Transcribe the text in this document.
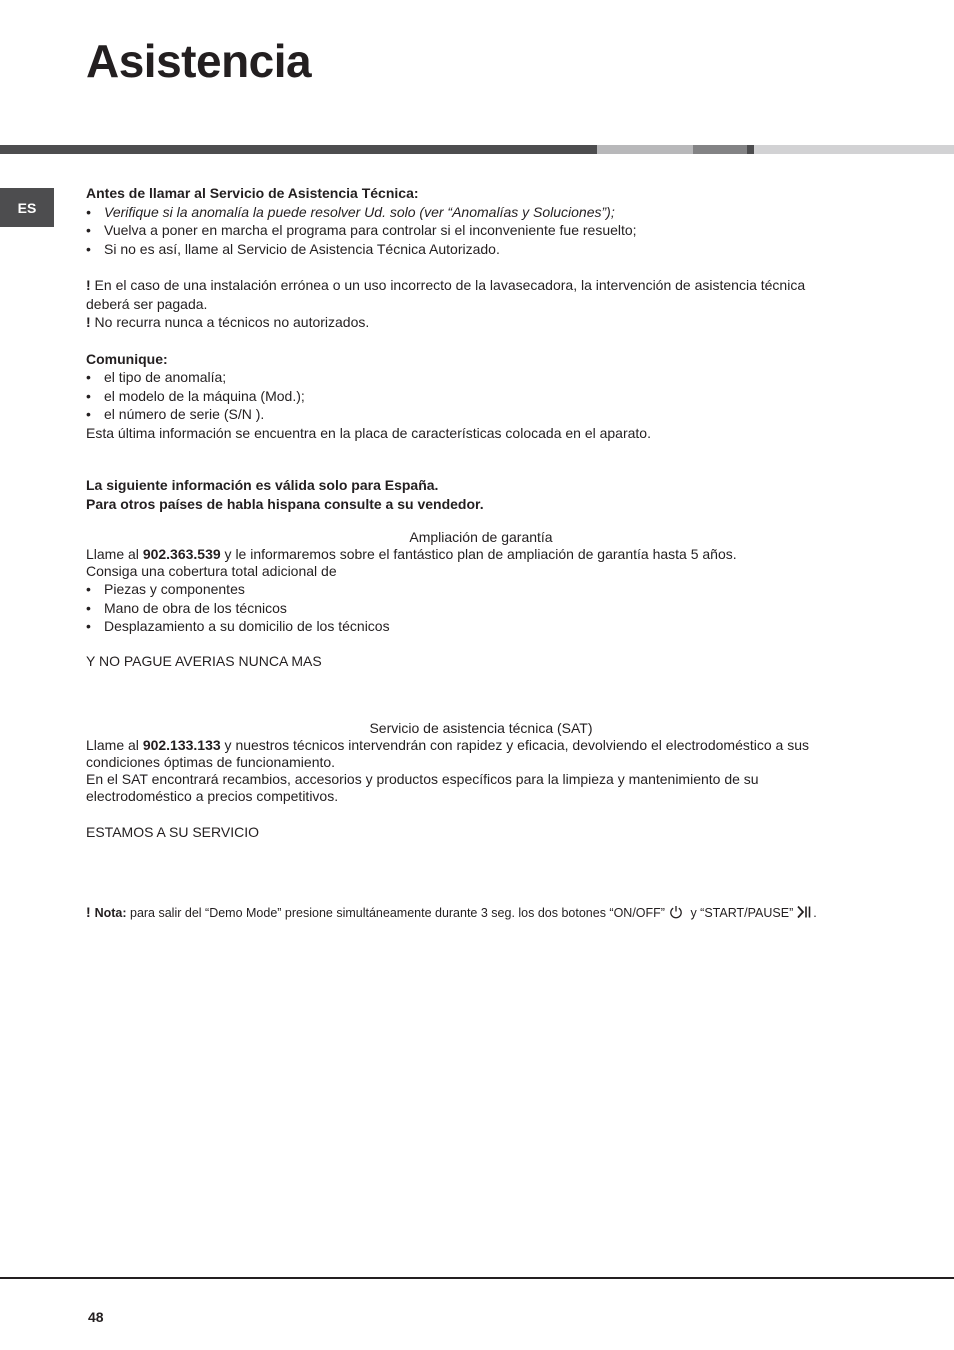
Asistencia
ES
Antes de llamar al Servicio de Asistencia Técnica:
• Verifique si la anomalía la puede resolver Ud. solo (ver “Anomalías y Soluciones”);
• Vuelva a poner en marcha el programa para controlar si el inconveniente fue resuelto;
• Si no es así, llame al Servicio de Asistencia Técnica Autorizado.
! En el caso de una instalación errónea o un uso incorrecto de la lavasecadora, la intervención de asistencia técnica
deberá ser pagada.
! No recurra nunca a técnicos no autorizados.
Comunique:
• el tipo de anomalía;
• el modelo de la máquina (Mod.);
• el número de serie (S/N ).
Esta última información se encuentra en la placa de características colocada en el aparato.
La siguiente información es válida solo para España.
Para otros países de habla hispana consulte a su vendedor.
Ampliación de garantía
Llame al 902.363.539 y le informaremos sobre el fantástico plan de ampliación de garantía hasta 5 años.
Consiga una cobertura total adicional de
• Piezas y componentes
• Mano de obra de los técnicos
• Desplazamiento a su domicilio de los técnicos
Y NO PAGUE AVERIAS NUNCA MAS
Servicio de asistencia técnica (SAT)
Llame al 902.133.133 y nuestros técnicos intervendrán con rapidez y eficacia, devolviendo el electrodoméstico a sus
condiciones óptimas de funcionamiento.
En el SAT encontrará recambios, accesorios y productos específicos para la limpieza y mantenimiento de su
electrodoméstico a precios competitivos.
ESTAMOS A SU SERVICIO
! Nota: para salir del “Demo Mode” presione simultáneamente durante 3 seg. los dos botones “ON/OFF” y “START/PAUSE” .
48
